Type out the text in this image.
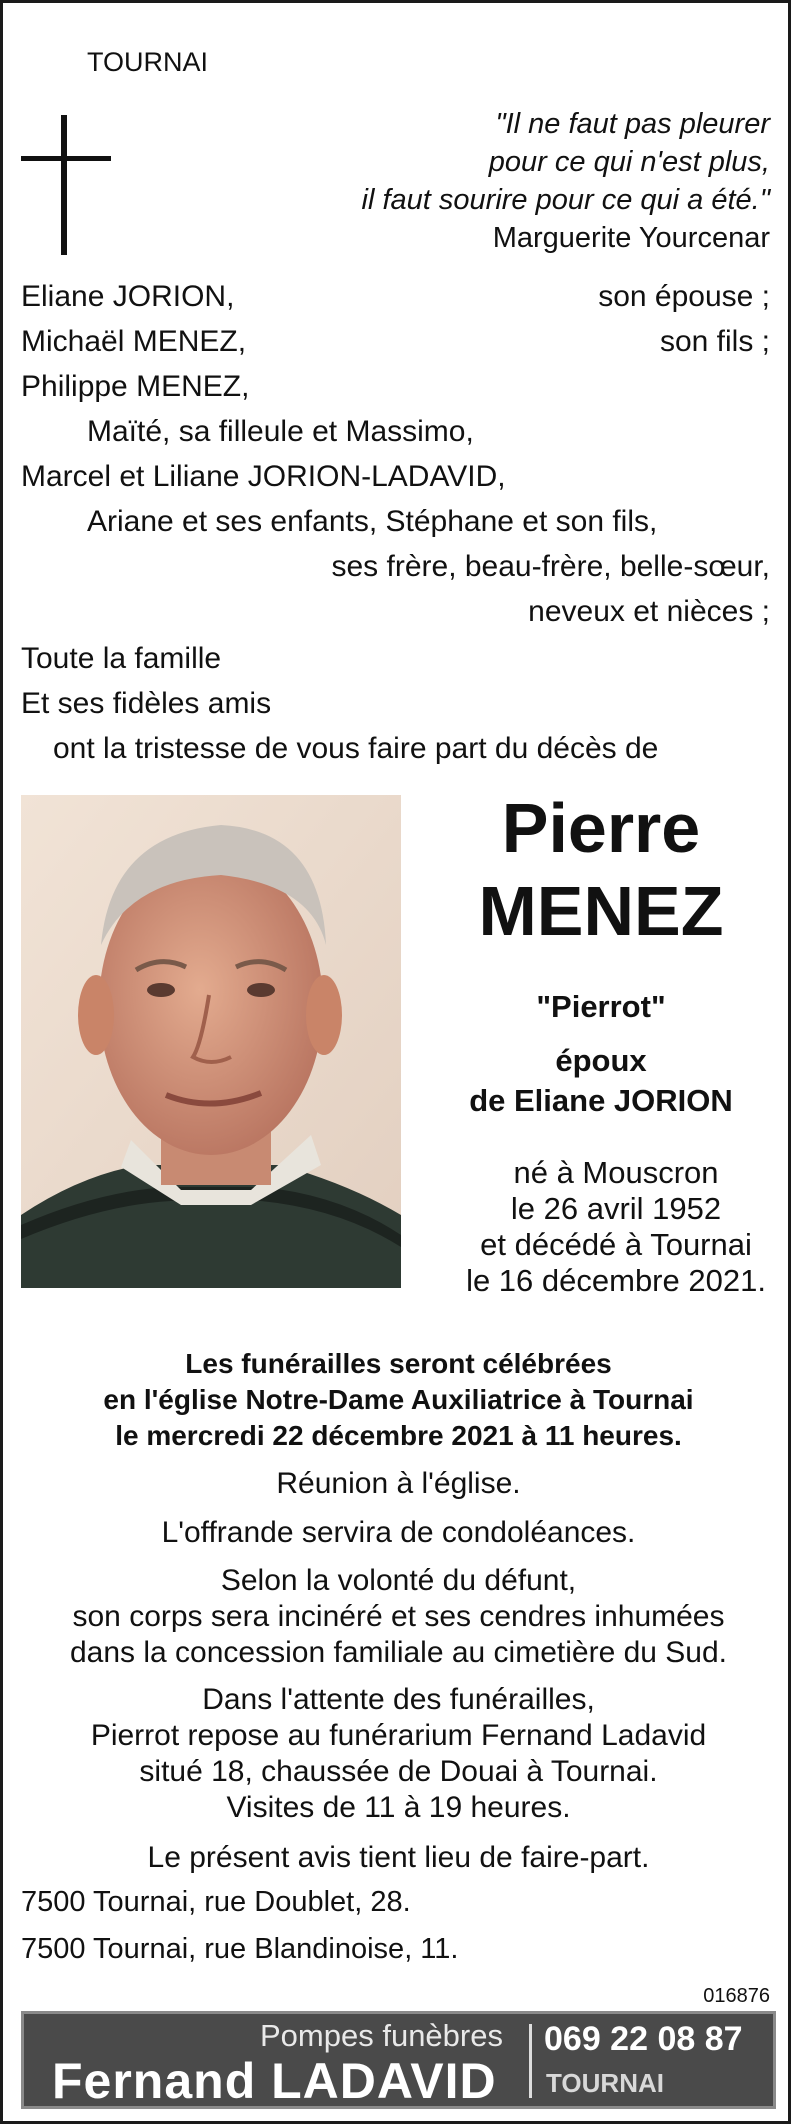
TOURNAI
"Il ne faut pas pleurer
pour ce qui n'est plus,
il faut sourire pour ce qui a été."
Marguerite Yourcenar
Eliane JORION,	son épouse ;
Michaël MENEZ,	son fils ;
Philippe MENEZ,
Maïté, sa filleule et Massimo,
Marcel et Liliane JORION-LADAVID,
Ariane et ses enfants, Stéphane et son fils,
ses frère, beau-frère, belle-sœur,
neveux et nièces ;
Toute la famille
Et ses fidèles amis
ont la tristesse de vous faire part du décès de
Pierre
MENEZ
"Pierrot"
époux
de Eliane JORION
né à Mouscron
le 26 avril 1952
et décédé à Tournai
le 16 décembre 2021.
Les funérailles seront célébrées
en l'église Notre-Dame Auxiliatrice à Tournai
le mercredi 22 décembre 2021 à 11 heures.
Réunion à l'église.
L'offrande servira de condoléances.
Selon la volonté du défunt,
son corps sera incinéré et ses cendres inhumées
dans la concession familiale au cimetière du Sud.
Dans l'attente des funérailles,
Pierrot repose au funérarium Fernand Ladavid
situé 18, chaussée de Douai à Tournai.
Visites de 11 à 19 heures.
Le présent avis tient lieu de faire-part.
7500 Tournai, rue Doublet, 28.
7500 Tournai, rue Blandinoise, 11.
016876
Pompes funèbres
Fernand LADAVID
069 22 08 87
TOURNAI
